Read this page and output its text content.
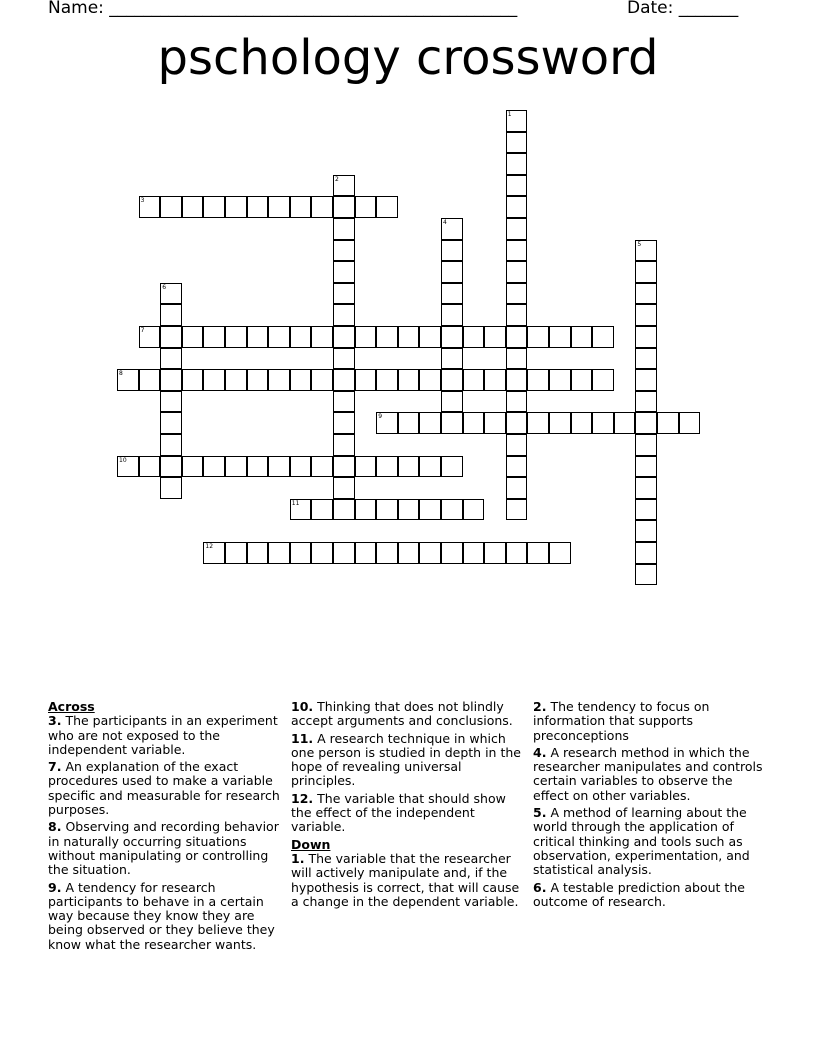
Name: ________________________________________________	Date: _______
pschology crossword
1
2
3
4
5
6
7
8
9
10
11
12
Across
3. The participants in an experiment who are not exposed to the independent variable.
7. An explanation of the exact procedures used to make a variable specific and measurable for research purposes.
8. Observing and recording behavior in naturally occurring situations without manipulating or controlling the situation.
9. A tendency for research participants to behave in a certain way because they know they are being observed or they believe they know what the researcher wants.
10. Thinking that does not blindly accept arguments and conclusions.
11. A research technique in which one person is studied in depth in the hope of revealing universal principles.
12. The variable that should show the effect of the independent variable.
Down
1. The variable that the researcher will actively manipulate and, if the hypothesis is correct, that will cause a change in the dependent variable.
2. The tendency to focus on information that supports preconceptions
4. A research method in which the researcher manipulates and controls certain variables to observe the effect on other variables.
5. A method of learning about the world through the application of critical thinking and tools such as observation, experimentation, and statistical analysis.
6. A testable prediction about the outcome of research.
